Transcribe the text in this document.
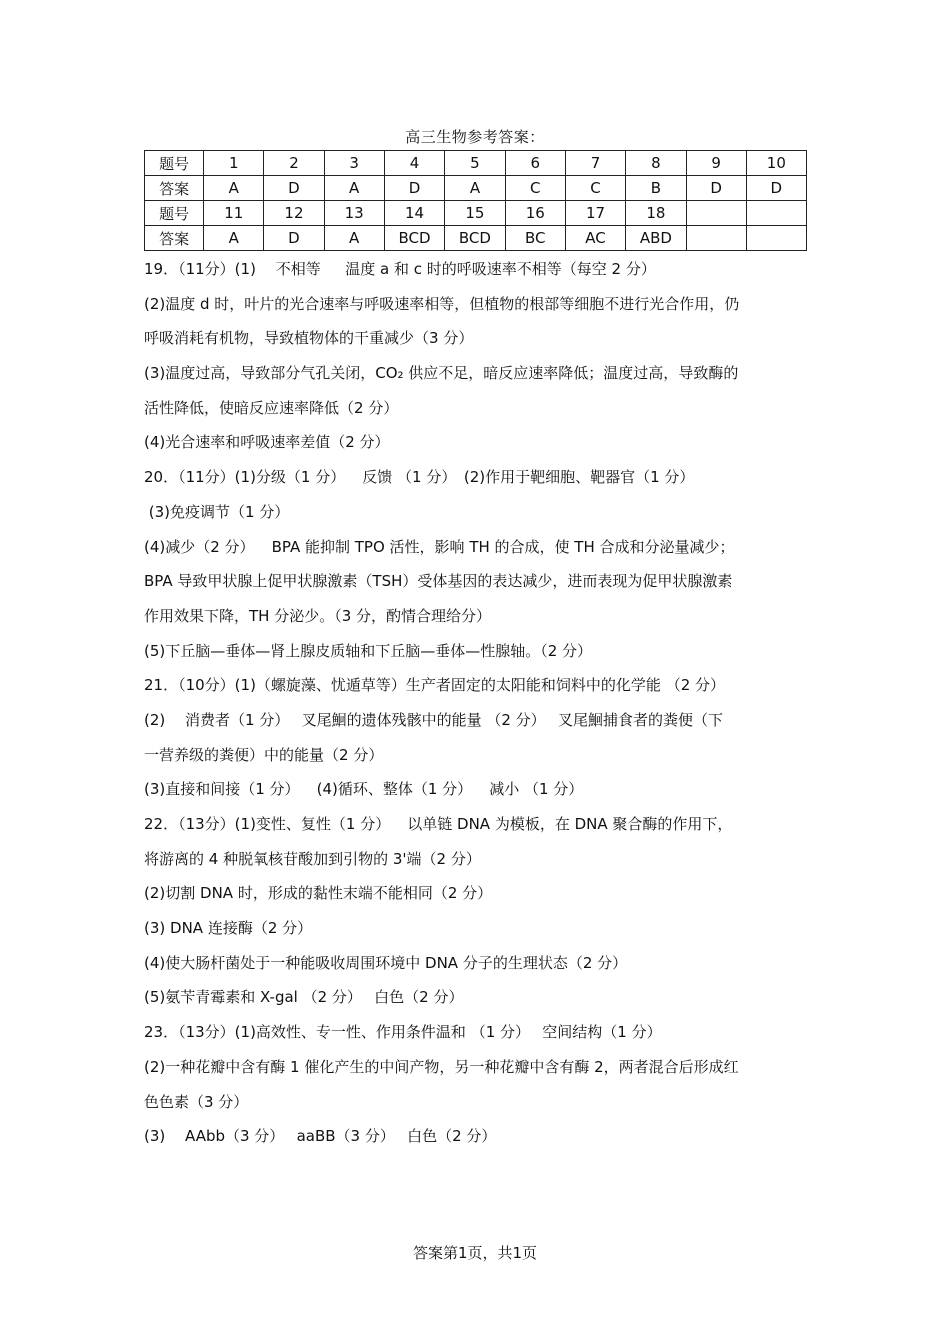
高三生物参考答案：
题号	1	2	3	4	5	6	7	8	9	10
答案	A	D	A	D	A	C	C	B	D	D
题号	11	12	13	14	15	16	17	18		
答案	A	D	A	BCD	BCD	BC	AC	ABD		
19．（11分）(1)　 不相等　  温度 a 和 c 时的呼吸速率不相等（每空 2 分）
(2)温度 d 时，叶片的光合速率与呼吸速率相等，但植物的根部等细胞不进行光合作用，仍
呼吸消耗有机物，导致植物体的干重减少（3 分）
(3)温度过高，导致部分气孔关闭，CO₂ 供应不足，暗反应速率降低；温度过高，导致酶的
活性降低，使暗反应速率降低（2 分）
(4)光合速率和呼吸速率差值（2 分）
20．（11分）(1)分级（1 分）　  反馈 （1 分）　(2)作用于靶细胞、靶器官（1 分）
(3)免疫调节（1 分）
(4)减少（2 分）　  BPA 能抑制 TPO 活性，影响 TH 的合成，使 TH 合成和分泌量减少；
BPA 导致甲状腺上促甲状腺激素（TSH）受体基因的表达减少，进而表现为促甲状腺激素
作用效果下降，TH 分泌少。（3 分，酌情合理给分）
(5)下丘脑—垂体—肾上腺皮质轴和下丘脑—垂体—性腺轴。（2 分）
21．（10分）(1)（螺旋藻、忧遁草等）生产者固定的太阳能和饲料中的化学能 （2 分）
(2)　 消费者（1 分）　 叉尾鮰的遗体残骸中的能量 （2 分）　 叉尾鮰捕食者的粪便（下
一营养级的粪便）中的能量（2 分）
(3)直接和间接（1 分）　  (4)循环、整体（1 分）　  减小 （1 分）
22．（13分）(1)变性、复性（1 分）　  以单链 DNA 为模板，在 DNA 聚合酶的作用下，
将游离的 4 种脱氧核苷酸加到引物的 3'端（2 分）
(2)切割 DNA 时，形成的黏性末端不能相同（2 分）
(3) DNA 连接酶（2 分）
(4)使大肠杆菌处于一种能吸收周围环境中 DNA 分子的生理状态（2 分）
(5)氨苄青霉素和 X-gal （2 分）　 白色（2 分）
23．（13分）(1)高效性、专一性、作用条件温和 （1 分）　 空间结构（1 分）
(2)一种花瓣中含有酶 1 催化产生的中间产物，另一种花瓣中含有酶 2，两者混合后形成红
色色素（3 分）
(3)　 AAbb（3 分）　 aaBB（3 分）　 白色（2 分）
答案第1页，共1页
